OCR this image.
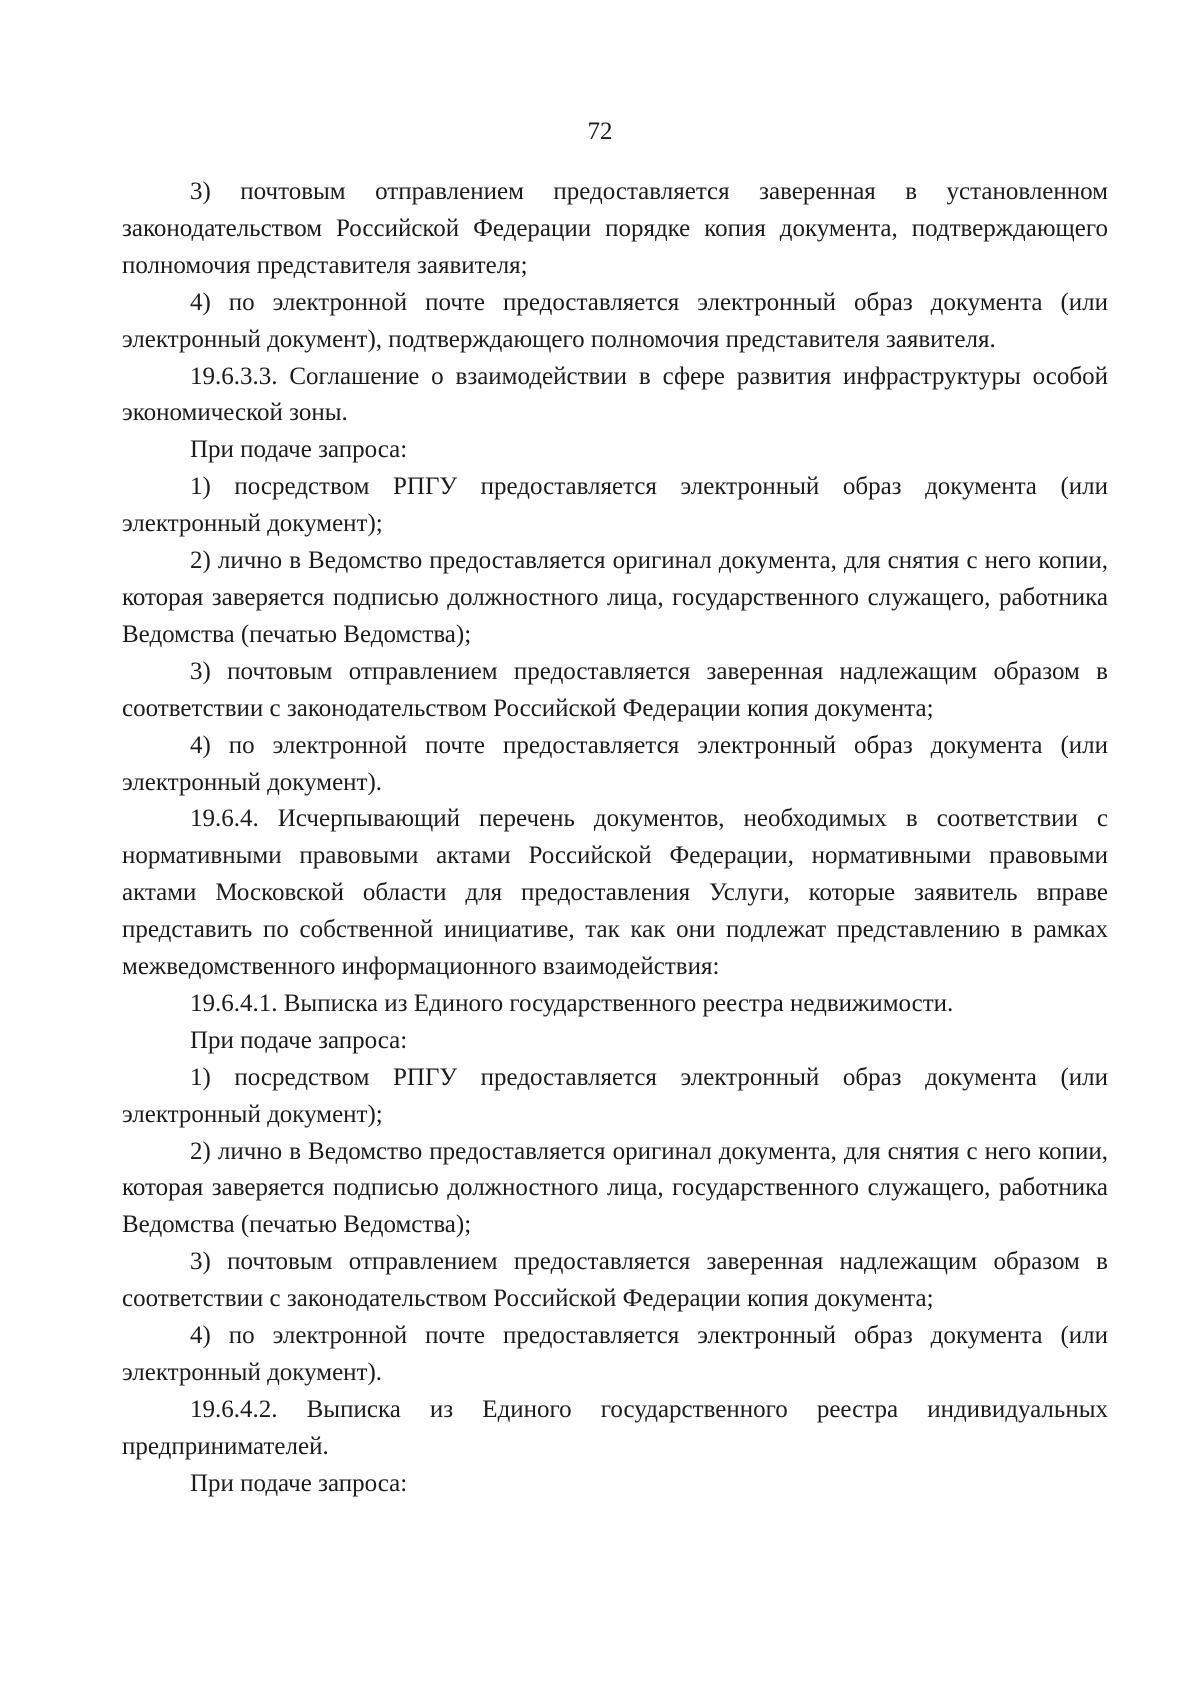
72

3) почтовым отправлением предоставляется заверенная в установленном законодательством Российской Федерации порядке копия документа, подтверждающего полномочия представителя заявителя;

4) по электронной почте предоставляется электронный образ документа (или электронный документ), подтверждающего полномочия представителя заявителя.

19.6.3.3. Соглашение о взаимодействии в сфере развития инфраструктуры особой экономической зоны.

При подаче запроса:

1) посредством РПГУ предоставляется электронный образ документа (или электронный документ);

2) лично в Ведомство предоставляется оригинал документа, для снятия с него копии, которая заверяется подписью должностного лица, государственного служащего, работника Ведомства (печатью Ведомства);

3) почтовым отправлением предоставляется заверенная надлежащим образом в соответствии с законодательством Российской Федерации копия документа;

4) по электронной почте предоставляется электронный образ документа (или электронный документ).

19.6.4. Исчерпывающий перечень документов, необходимых в соответствии с нормативными правовыми актами Российской Федерации, нормативными правовыми актами Московской области для предоставления Услуги, которые заявитель вправе представить по собственной инициативе, так как они подлежат представлению в рамках межведомственного информационного взаимодействия:

19.6.4.1. Выписка из Единого государственного реестра недвижимости.

При подаче запроса:

1) посредством РПГУ предоставляется электронный образ документа (или электронный документ);

2) лично в Ведомство предоставляется оригинал документа, для снятия с него копии, которая заверяется подписью должностного лица, государственного служащего, работника Ведомства (печатью Ведомства);

3) почтовым отправлением предоставляется заверенная надлежащим образом в соответствии с законодательством Российской Федерации копия документа;

4) по электронной почте предоставляется электронный образ документа (или электронный документ).

19.6.4.2. Выписка из Единого государственного реестра индивидуальных предпринимателей.

При подаче запроса:
